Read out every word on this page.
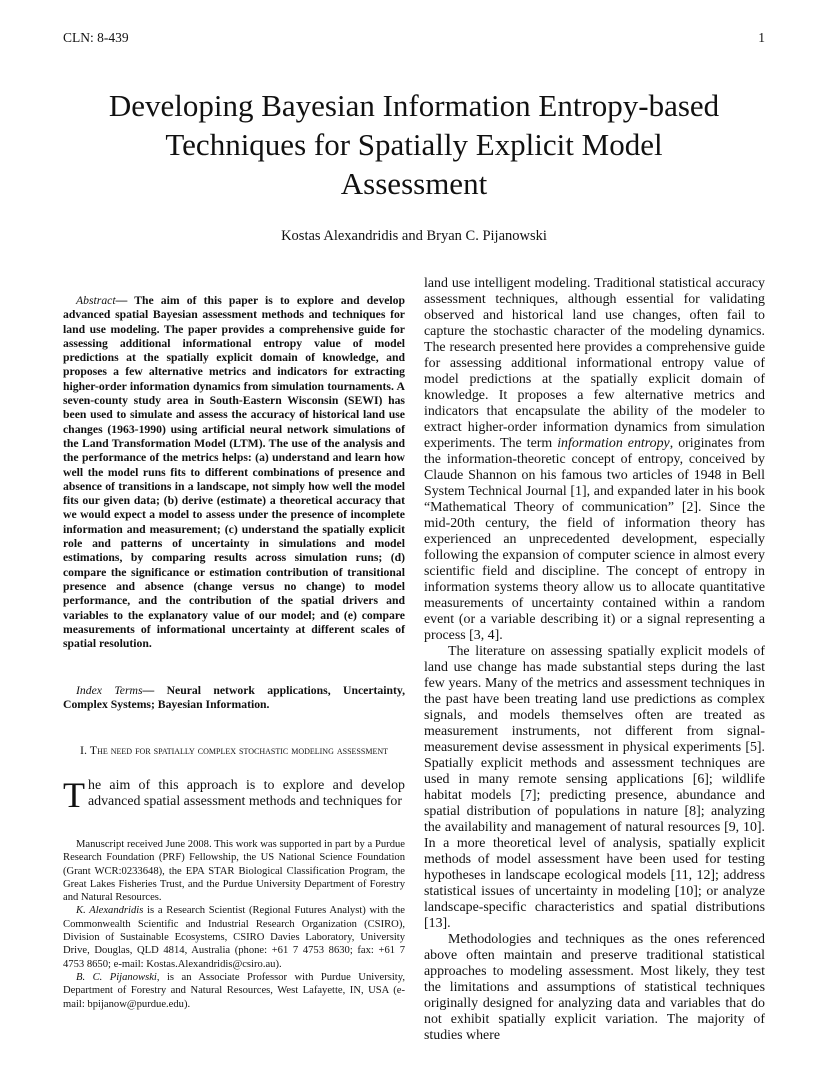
CLN: 8-439	1
Developing Bayesian Information Entropy-based Techniques for Spatially Explicit Model Assessment
Kostas Alexandridis and Bryan C. Pijanowski

Abstract— The aim of this paper is to explore and develop advanced spatial Bayesian assessment methods and techniques for land use modeling. The paper provides a comprehensive guide for assessing additional informational entropy value of model predictions at the spatially explicit domain of knowledge, and proposes a few alternative metrics and indicators for extracting higher-order information dynamics from simulation tournaments. A seven-county study area in South-Eastern Wisconsin (SEWI) has been used to simulate and assess the accuracy of historical land use changes (1963-1990) using artificial neural network simulations of the Land Transformation Model (LTM). The use of the analysis and the performance of the metrics helps: (a) understand and learn how well the model runs fits to different combinations of presence and absence of transitions in a landscape, not simply how well the model fits our given data; (b) derive (estimate) a theoretical accuracy that we would expect a model to assess under the presence of incomplete information and measurement; (c) understand the spatially explicit role and patterns of uncertainty in simulations and model estimations, by comparing results across simulation runs; (d) compare the significance or estimation contribution of transitional presence and absence (change versus no change) to model performance, and the contribution of the spatial drivers and variables to the explanatory value of our model; and (e) compare measurements of informational uncertainty at different scales of spatial resolution.

Index Terms— Neural network applications, Uncertainty, Complex Systems; Bayesian Information.

I. The need for spatially complex stochastic modeling assessment

The aim of this approach is to explore and develop advanced spatial assessment methods and techniques for

Manuscript received June 2008. This work was supported in part by a Purdue Research Foundation (PRF) Fellowship, the US National Science Foundation (Grant WCR:0233648), the EPA STAR Biological Classification Program, the Great Lakes Fisheries Trust, and the Purdue University Department of Forestry and Natural Resources.

K. Alexandridis is a Research Scientist (Regional Futures Analyst) with the Commonwealth Scientific and Industrial Research Organization (CSIRO), Division of Sustainable Ecosystems, CSIRO Davies Laboratory, University Drive, Douglas, QLD 4814, Australia (phone: +61 7 4753 8630; fax: +61 7 4753 8650; e-mail: Kostas.Alexandridis@csiro.au).

B. C. Pijanowski, is an Associate Professor with Purdue University, Department of Forestry and Natural Resources, West Lafayette, IN, USA (e-mail: bpijanow@purdue.edu).

land use intelligent modeling. Traditional statistical accuracy assessment techniques, although essential for validating observed and historical land use changes, often fail to capture the stochastic character of the modeling dynamics. The research presented here provides a comprehensive guide for assessing additional informational entropy value of model predictions at the spatially explicit domain of knowledge. It proposes a few alternative metrics and indicators that encapsulate the ability of the modeler to extract higher-order information dynamics from simulation experiments. The term information entropy, originates from the information-theoretic concept of entropy, conceived by Claude Shannon on his famous two articles of 1948 in Bell System Technical Journal [1], and expanded later in his book “Mathematical Theory of communication” [2]. Since the mid-20th century, the field of information theory has experienced an unprecedented development, especially following the expansion of computer science in almost every scientific field and discipline. The concept of entropy in information systems theory allow us to allocate quantitative measurements of uncertainty contained within a random event (or a variable describing it) or a signal representing a process [3, 4].

The literature on assessing spatially explicit models of land use change has made substantial steps during the last few years. Many of the metrics and assessment techniques in the past have been treating land use predictions as complex signals, and models themselves often are treated as measurement instruments, not different from signal-measurement devise assessment in physical experiments [5]. Spatially explicit methods and assessment techniques are used in many remote sensing applications [6]; wildlife habitat models [7]; predicting presence, abundance and spatial distribution of populations in nature [8]; analyzing the availability and management of natural resources [9, 10]. In a more theoretical level of analysis, spatially explicit methods of model assessment have been used for testing hypotheses in landscape ecological models [11, 12]; address statistical issues of uncertainty in modeling [10]; or analyze landscape-specific characteristics and spatial distributions [13].

Methodologies and techniques as the ones referenced above often maintain and preserve traditional statistical approaches to modeling assessment. Most likely, they test the limitations and assumptions of statistical techniques originally designed for analyzing data and variables that do not exhibit spatially explicit variation. The majority of studies where
